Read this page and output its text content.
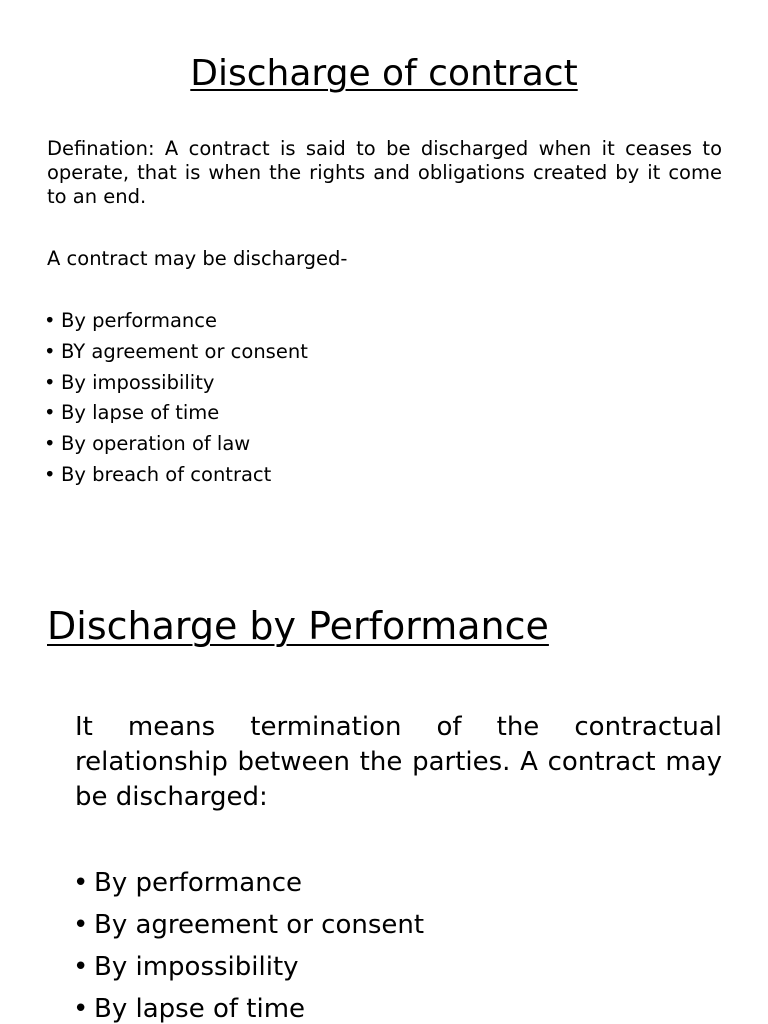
Discharge of contract

Defination: A contract is said to be discharged when it ceases to operate, that is when the rights and obligations created by it come to an end.

A contract may be discharged-

• By performance
• BY agreement or consent
• By impossibility
• By lapse of time
• By operation of law
• By breach of contract
Discharge by Performance

It means termination of the contractual relationship between the parties. A contract may be discharged:

• By performance
• By agreement or consent
• By impossibility
• By lapse of time
